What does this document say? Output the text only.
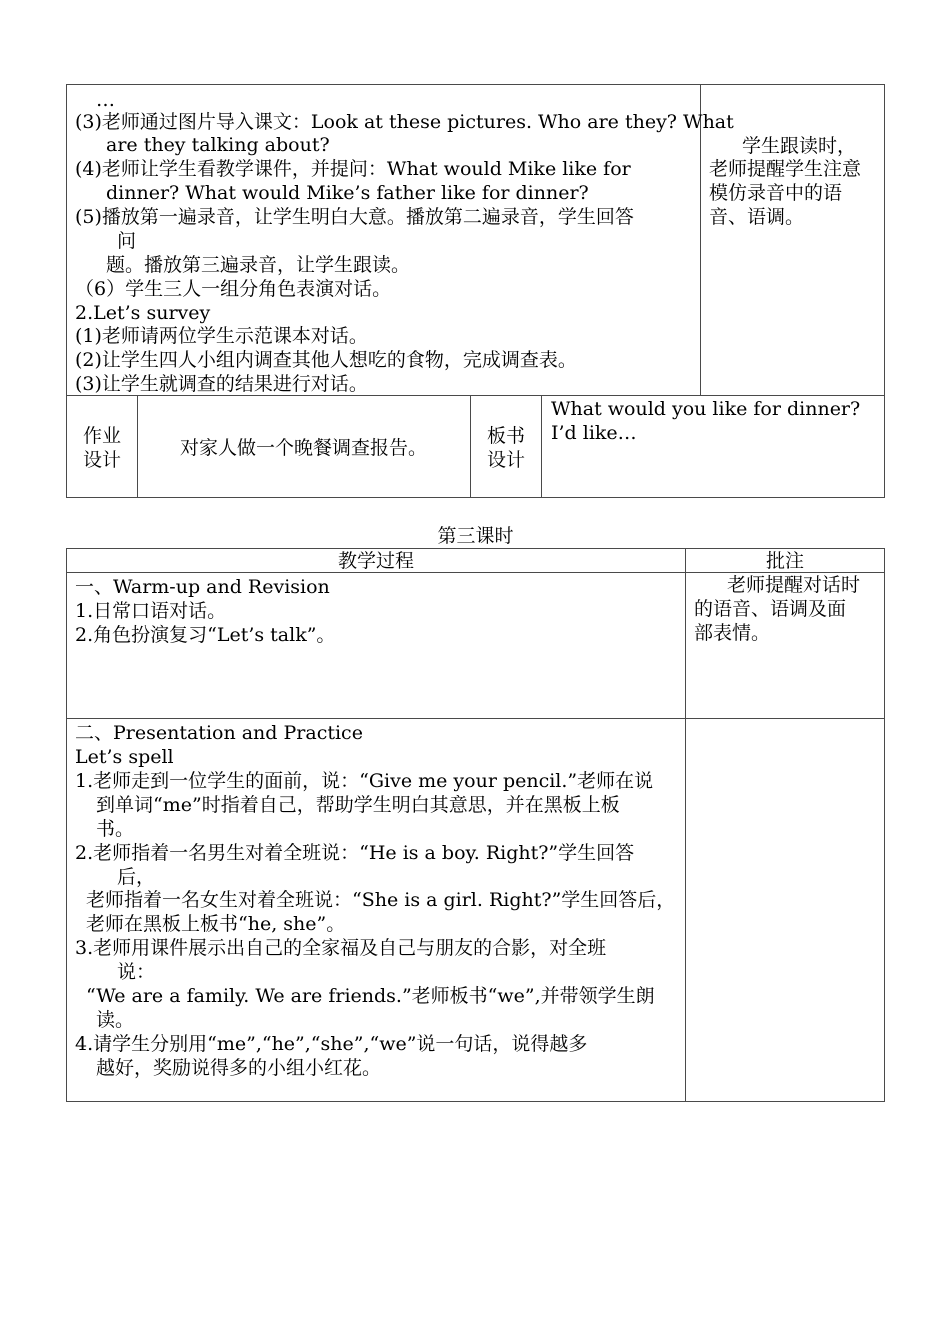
…
(3)老师通过图片导入课文：Look at these pictures. Who are they? What
are they talking about?
(4)老师让学生看教学课件，并提问：What would Mike like for
dinner? What would Mike’s father like for dinner?
(5)播放第一遍录音，让学生明白大意。播放第二遍录音，学生回答
问
题。播放第三遍录音，让学生跟读。
（6）学生三人一组分角色表演对话。
2.Let’s survey
(1)老师请两位学生示范课本对话。
(2)让学生四人小组内调查其他人想吃的食物，完成调查表。
(3)让学生就调查的结果进行对话。
学生跟读时，
老师提醒学生注意
模仿录音中的语
音、语调。
作业
设计
对家人做一个晚餐调查报告。
板书
设计
What would you like for dinner?
I’d like…
第三课时
教学过程	批注
一、Warm-up and Revision
1.日常口语对话。
2.角色扮演复习“Let’s talk”。
老师提醒对话时
的语音、语调及面
部表情。
二、Presentation and Practice
Let’s spell
1.老师走到一位学生的面前，说：“Give me your pencil.”老师在说
到单词“me”时指着自己，帮助学生明白其意思，并在黑板上板
书。
2.老师指着一名男生对着全班说：“He is a boy. Right?”学生回答
后，
老师指着一名女生对着全班说：“She is a girl. Right?”学生回答后，
老师在黑板上板书“he, she”。
3.老师用课件展示出自己的全家福及自己与朋友的合影，对全班
说：
“We are a family. We are friends.”老师板书“we”,并带领学生朗
读。
4.请学生分别用“me”,“he”,“she”,“we”说一句话，说得越多
越好，奖励说得多的小组小红花。
